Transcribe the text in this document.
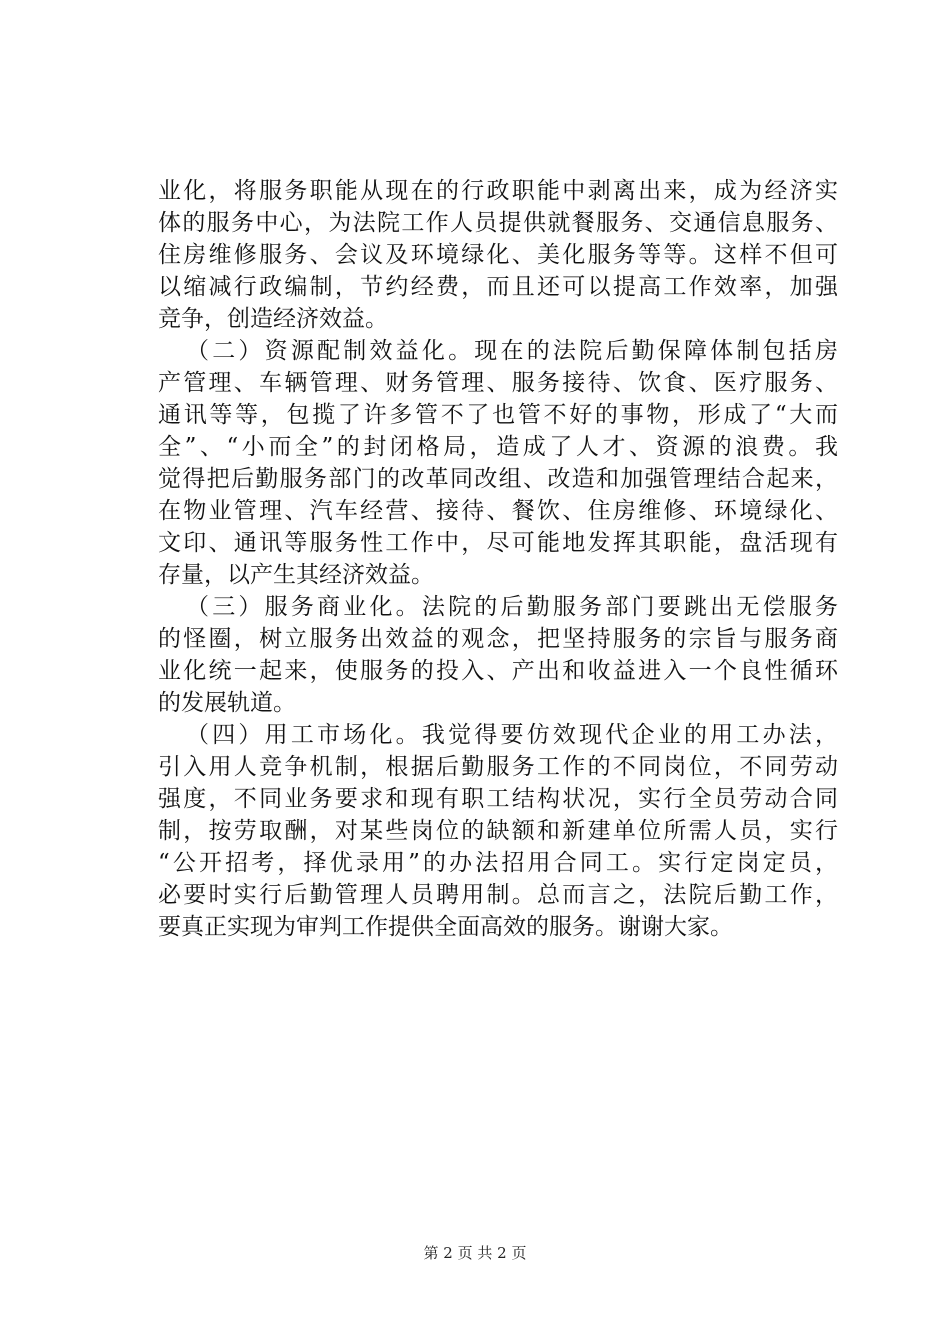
业化，将服务职能从现在的行政职能中剥离出来，成为经济实
体的服务中心，为法院工作人员提供就餐服务、交通信息服务、
住房维修服务、会议及环境绿化、美化服务等等。这样不但可
以缩减行政编制，节约经费，而且还可以提高工作效率，加强
竞争，创造经济效益。
（二）资源配制效益化。现在的法院后勤保障体制包括房
产管理、车辆管理、财务管理、服务接待、饮食、医疗服务、
通讯等等，包揽了许多管不了也管不好的事物，形成了“大而
全”、“小而全”的封闭格局，造成了人才、资源的浪费。我
觉得把后勤服务部门的改革同改组、改造和加强管理结合起来，
在物业管理、汽车经营、接待、餐饮、住房维修、环境绿化、
文印、通讯等服务性工作中，尽可能地发挥其职能，盘活现有
存量，以产生其经济效益。
（三）服务商业化。法院的后勤服务部门要跳出无偿服务
的怪圈，树立服务出效益的观念，把坚持服务的宗旨与服务商
业化统一起来，使服务的投入、产出和收益进入一个良性循环
的发展轨道。
（四）用工市场化。我觉得要仿效现代企业的用工办法，
引入用人竞争机制，根据后勤服务工作的不同岗位，不同劳动
强度，不同业务要求和现有职工结构状况，实行全员劳动合同
制，按劳取酬，对某些岗位的缺额和新建单位所需人员，实行
“公开招考，择优录用”的办法招用合同工。实行定岗定员，
必要时实行后勤管理人员聘用制。总而言之，法院后勤工作，
要真正实现为审判工作提供全面高效的服务。谢谢大家。
第 2 页 共 2 页
